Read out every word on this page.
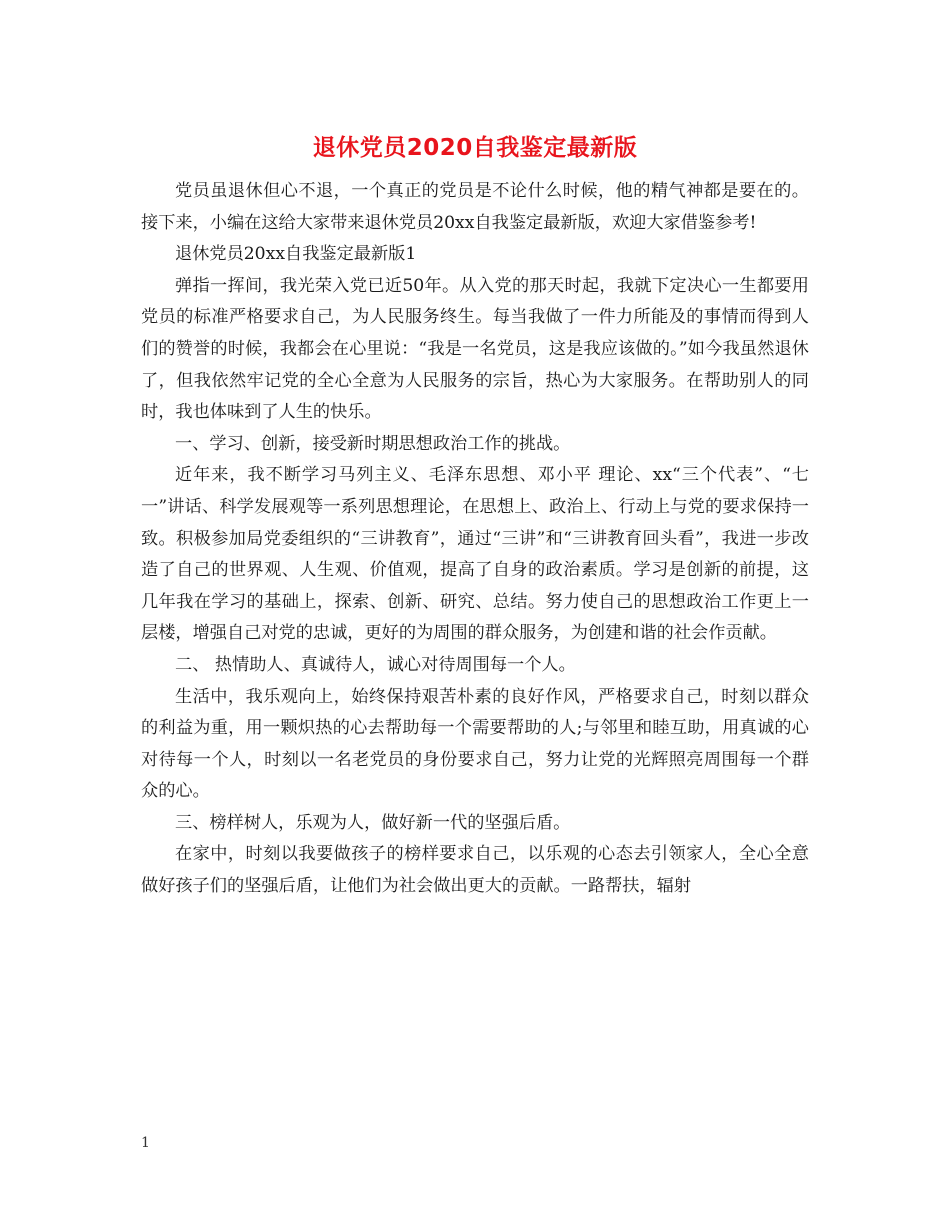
退休党员2020自我鉴定最新版

党员虽退休但心不退，一个真正的党员是不论什么时候，他的精气神都是要在的。接下来，小编在这给大家带来退休党员20xx自我鉴定最新版，欢迎大家借鉴参考!

退休党员20xx自我鉴定最新版1

弹指一挥间，我光荣入党已近50年。从入党的那天时起，我就下定决心一生都要用党员的标准严格要求自己，为人民服务终生。每当我做了一件力所能及的事情而得到人们的赞誉的时候，我都会在心里说：“我是一名党员，这是我应该做的。”如今我虽然退休了，但我依然牢记党的全心全意为人民服务的宗旨，热心为大家服务。在帮助别人的同时，我也体味到了人生的快乐。

一、学习、创新，接受新时期思想政治工作的挑战。

近年来，我不断学习马列主义、毛泽东思想、邓小平 理论、xx“三个代表”、“七一”讲话、科学发展观等一系列思想理论，在思想上、政治上、行动上与党的要求保持一致。积极参加局党委组织的“三讲教育”，通过“三讲”和“三讲教育回头看”，我进一步改造了自己的世界观、人生观、价值观，提高了自身的政治素质。学习是创新的前提，这几年我在学习的基础上，探索、创新、研究、总结。努力使自己的思想政治工作更上一层楼，增强自己对党的忠诚，更好的为周围的群众服务，为创建和谐的社会作贡献。

二、 热情助人、真诚待人，诚心对待周围每一个人。

生活中，我乐观向上，始终保持艰苦朴素的良好作风，严格要求自己，时刻以群众的利益为重，用一颗炽热的心去帮助每一个需要帮助的人;与邻里和睦互助，用真诚的心对待每一个人，时刻以一名老党员的身份要求自己，努力让党的光辉照亮周围每一个群众的心。

三、榜样树人，乐观为人，做好新一代的坚强后盾。

在家中，时刻以我要做孩子的榜样要求自己，以乐观的心态去引领家人，全心全意做好孩子们的坚强后盾，让他们为社会做出更大的贡献。一路帮扶，辐射

1
